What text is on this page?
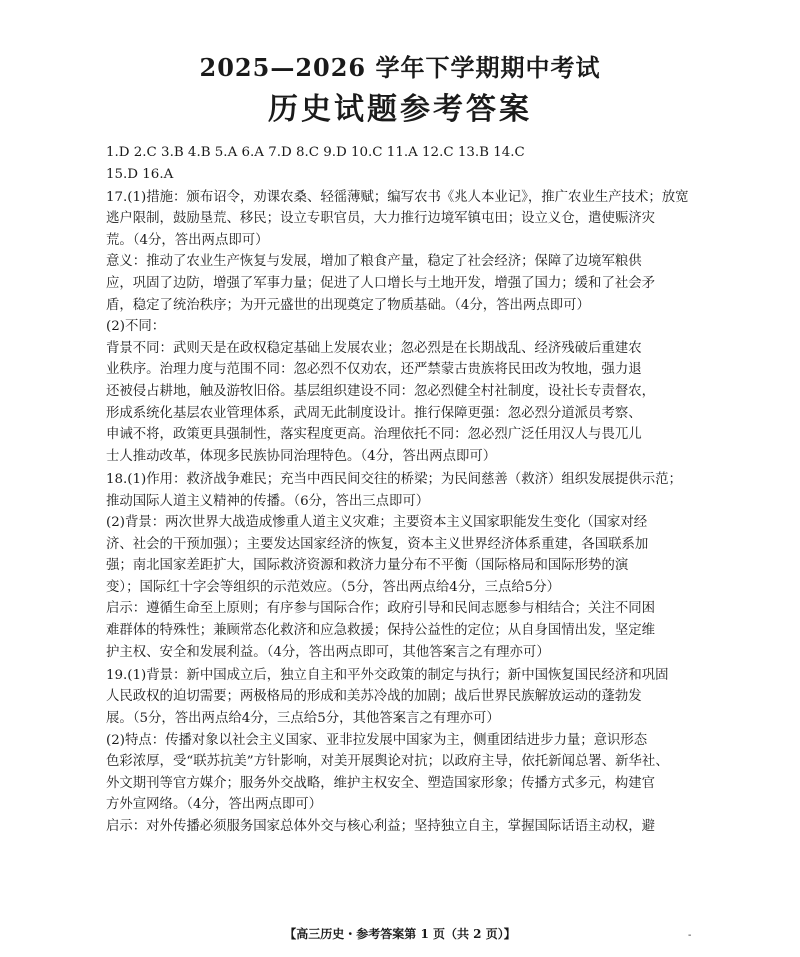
2025—2026 学年下学期期中考试
历史试题参考答案
1.D 2.C 3.B 4.B 5.A 6.A 7.D 8.C 9.D 10.C 11.A 12.C 13.B 14.C
15.D 16.A
17.(1)措施：颁布诏令，劝课农桑、轻徭薄赋；编写农书《兆人本业记》，推广农业生产技术；放宽
逃户限制，鼓励垦荒、移民；设立专职官员，大力推行边境军镇屯田；设立义仓，遣使赈济灾
荒。（4分，答出两点即可）
意义：推动了农业生产恢复与发展，增加了粮食产量，稳定了社会经济；保障了边境军粮供
应，巩固了边防，增强了军事力量；促进了人口增长与土地开发，增强了国力；缓和了社会矛
盾，稳定了统治秩序；为开元盛世的出现奠定了物质基础。（4分，答出两点即可）
(2)不同：
背景不同：武则天是在政权稳定基础上发展农业；忽必烈是在长期战乱、经济残破后重建农
业秩序。治理力度与范围不同：忽必烈不仅劝农，还严禁蒙古贵族将民田改为牧地，强力退
还被侵占耕地，触及游牧旧俗。基层组织建设不同：忽必烈健全村社制度，设社长专责督农，
形成系统化基层农业管理体系，武周无此制度设计。推行保障更强：忽必烈分道派员考察、
申诫不将，政策更具强制性，落实程度更高。治理依托不同：忽必烈广泛任用汉人与畏兀儿
士人推动改革，体现多民族协同治理特色。（4分，答出两点即可）
18.(1)作用：救济战争难民；充当中西民间交往的桥梁；为民间慈善（救济）组织发展提供示范；
推动国际人道主义精神的传播。（6分，答出三点即可）
(2)背景：两次世界大战造成惨重人道主义灾难；主要资本主义国家职能发生变化（国家对经
济、社会的干预加强）；主要发达国家经济的恢复，资本主义世界经济体系重建，各国联系加
强；南北国家差距扩大，国际救济资源和救济力量分布不平衡（国际格局和国际形势的演
变）；国际红十字会等组织的示范效应。（5分，答出两点给4分，三点给5分）
启示：遵循生命至上原则；有序参与国际合作；政府引导和民间志愿参与相结合；关注不同困
难群体的特殊性；兼顾常态化救济和应急救援；保持公益性的定位；从自身国情出发，坚定维
护主权、安全和发展利益。（4分，答出两点即可，其他答案言之有理亦可）
19.(1)背景：新中国成立后，独立自主和平外交政策的制定与执行；新中国恢复国民经济和巩固
人民政权的迫切需要；两极格局的形成和美苏冷战的加剧；战后世界民族解放运动的蓬勃发
展。（5分，答出两点给4分，三点给5分，其他答案言之有理亦可）
(2)特点：传播对象以社会主义国家、亚非拉发展中国家为主，侧重团结进步力量；意识形态
色彩浓厚，受“联苏抗美”方针影响，对美开展舆论对抗；以政府主导，依托新闻总署、新华社、
外文期刊等官方媒介；服务外交战略，维护主权安全、塑造国家形象；传播方式多元，构建官
方外宣网络。（4分，答出两点即可）
启示：对外传播必须服务国家总体外交与核心利益；坚持独立自主，掌握国际话语主动权，避
【高三历史・参考答案第 1 页（共 2 页）】	-
